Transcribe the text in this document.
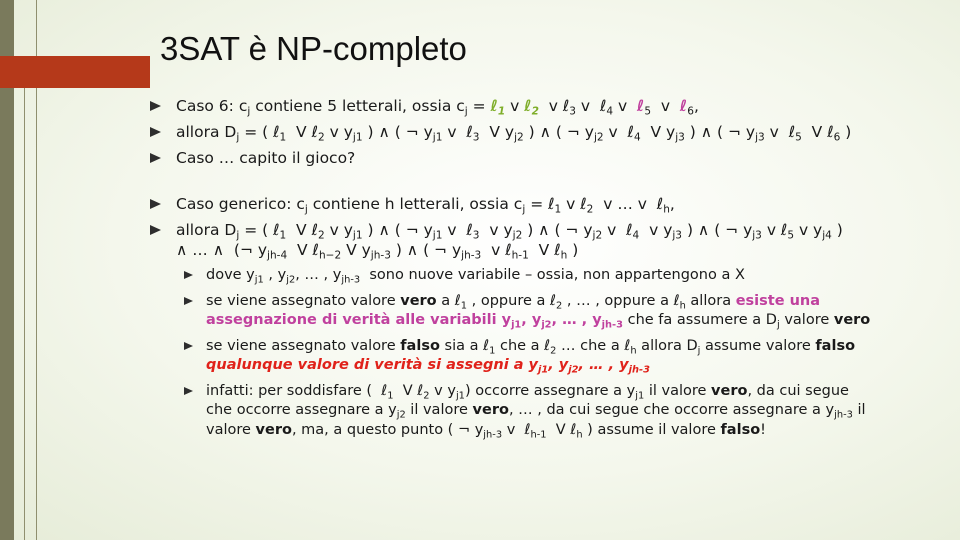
3SAT è NP-completo
Caso 6: $c_j$ contiene 5 letterali, ossia $c_j$ = ℓ$_1$ v ℓ$_2$  v ℓ$_3$ v  ℓ$_4$ v  ℓ$_5$  v  ℓ$_6$,
allora $D_j$ = ( ℓ$_1$  V ℓ$_2$ v $y_{j1}$ ) ∧ ( ¬ $y_{j1}$ v  ℓ$_3$  V $y_{j2}$ ) ∧ ( ¬ $y_{j2}$ v  ℓ$_4$  V $y_{j3}$ ) ∧ ( ¬ $y_{j3}$ v  ℓ$_5$  V ℓ$_6$ )
Caso … capito il gioco?
Caso generico: $c_j$ contiene h letterali, ossia $c_j$ = ℓ$_1$ v ℓ$_2$  v … v  ℓ$_h$,
allora $D_j$ = ( ℓ$_1$  V ℓ$_2$ v $y_{j1}$ ) ∧ ( ¬ $y_{j1}$ v  ℓ$_3$  v $y_{j2}$ ) ∧ ( ¬ $y_{j2}$ v  ℓ$_4$  v $y_{j3}$ ) ∧ ( ¬ $y_{j3}$ v ℓ$_5$ v $y_{j4}$ )
∧ … ∧  (¬ $y_{jh-4}$  V ℓ$_{h-2}$ V $y_{jh-3}$ ) ∧ ( ¬ $y_{jh-3}$  v ℓ$_{h-1}$  V ℓ$_h$ )
dove $y_{j1}$ , $y_{j2}$, … , $y_{jh-3}$  sono nuove variabile – ossia, non appartengono a X
se viene assegnato valore vero a ℓ$_1$ , oppure a ℓ$_2$ , … , oppure a ℓ$_h$ allora esiste una
assegnazione di verità alle variabili $y_{j1}$, $y_{j2}$, … , $y_{jh-3}$ che fa assumere a $D_j$ valore vero
se viene assegnato valore falso sia a ℓ$_1$ che a ℓ$_2$ … che a ℓ$_h$ allora $D_j$ assume valore falso
qualunque valore di verità si assegni a $y_{j1}$, $y_{j2}$, … , $y_{jh-3}$
infatti: per soddisfare (  ℓ$_1$  V ℓ$_2$ v $y_{j1}$) occorre assegnare a $y_{j1}$ il valore vero, da cui segue
che occorre assegnare a $y_{j2}$ il valore vero, … , da cui segue che occorre assegnare a $y_{jh-3}$ il
valore vero, ma, a questo punto ( ¬ $y_{jh-3}$ v  ℓ$_{h-1}$  V ℓ$_h$ ) assume il valore falso!
